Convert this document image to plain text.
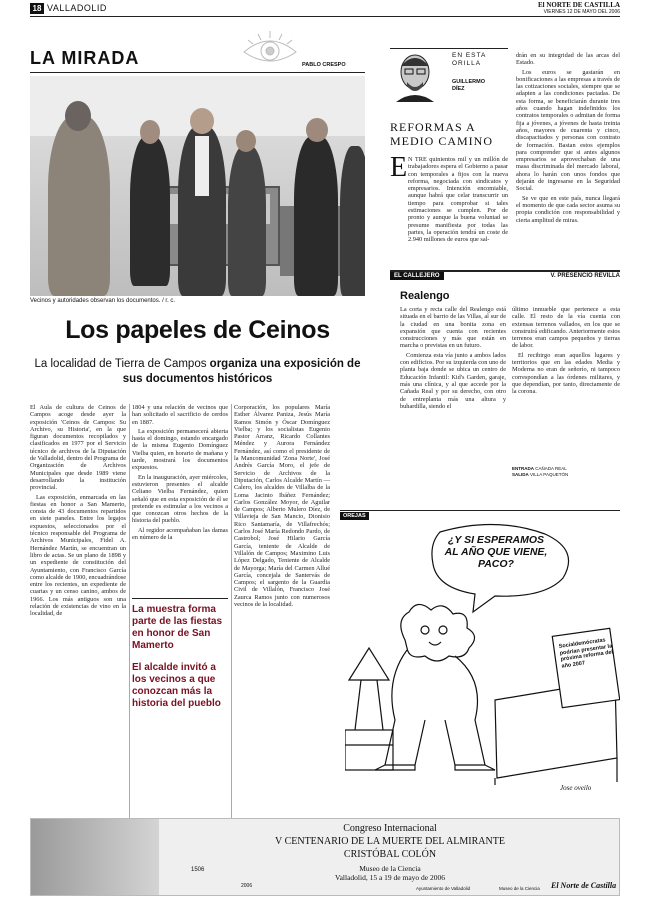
18 VALLADOLID	El NORTE DE CASTILLA
VIERNES 12 DE MAYO DEL 2006
LA MIRADA	PABLO CRESPO
Vecinos y autoridades observan los documentos. / r. c.
Los papeles de Ceinos
La localidad de Tierra de Campos organiza una exposición de sus documentos históricos

El Aula de cultura de Ceinos de Campos acoge desde ayer la exposición 'Ceinos de Campos: Su Archivo, su Historia', en la que figuran documentos recopilados y clasificados en 1977 por el Servicio técnico de archivos de la Diputación de Valladolid, dentro del Programa de Organización de Archivos Municipales que desde 1989 viene desarrollando la institución provincial.

Las exposición, enmarcada en las fiestas en honor a San Mamerto, consta de 43 documentos repartidos en siete paneles. Entre los legajos expuestos, seleccionados por el técnico responsable del Programa de Archivos Municipales, Fidel A. Hernández Martín, se encuentran un libro de actas. Se un plano de 1898 y un expediente de constitución del Ayuntamiento, con Francisco García como alcalde de 1900, encuadrándose entre los recientes, un expediente de cuartas y un censo canino, ambos de 1966. Los más antiguos son una relación de existencias de vino en la localidad, de

1804 y una relación de vecinos que han solicitado el sacrificio de cerdos en 1887.

La exposición permanecerá abierta hasta el domingo, estando encargado de la misma Eugenio Domínguez Vielba quien, en horario de mañana y tarde, mostrará los documentos expuestos.

En la inauguración, ayer miércoles, estuvieron presentes el alcalde Celiano Vielba Fernández, quien señaló que en esta exposición de él se pretende es estimular a los vecinos a que conozcan otros hechos de la historia del pueblo.

Al regidor acompañaban las damas en número de la

La muestra forma parte de las fiestas en honor de San Mamerto
El alcalde invitó a los vecinos a que conozcan más la historia del pueblo

Corporación, los populares María Esther Álvarez Paniza, Jesús María Ramos Simón y Óscar Domínguez Vielba; y los socialistas Eugenio Pastor Arranz, Ricardo Collantes Méndez y Aurora Fernández Fernández, así como el presidente de la Mancomunidad 'Zona Norte', José Andrés García Moro, el jefe de Servicio de Archivos de la Diputación, Carlos Alcalde Martín — Calero, los alcaldes de Villalba de la Loma Jacinto Ibáñez Fernández; Carlos González Moyor, de Aguilar de Campos; Alberto Mulero Díez, de Villavieja de San Mancio, Dionisio Rico Santamaría, de Villafrechós; Carlos José María Redondo Pardo, de Castrobol; José Hilario García García, teniente de Alcalde de Villalón de Campos; Maximino Luis López Delgado, Teniente de Alcalde de Mayorga; María del Carmen Allué García, concejala de Santervás de Campos; el sargento de la Guardia Civil de Villalón, Francisco José Zaurca Ramos junto con numerosos vecinos de la localidad.

EN ESTA
ORILLA
GUILLERMO
DÍEZ
REFORMAS A
MEDIO CAMINO
E N TRE quinientos mil y un millón de trabajadores espera el Gobierno a pasar con temporales a fijos con la nueva reforma, negociada con sindicatos y empresarios. Intención encomiable, aunque habrá que celar transcurrir un tiempo para comprobar si tales estimaciones se cumplen. Por de pronto y aunque la buena voluntad se presume manifiesta por todas las partes, la operación tendrá un coste de 2.940 millones de euros que sal-

drán en su integridad de las arcas del Estado.

Los euros se gastarán en bonificaciones a las empresas a través de las cotizaciones sociales, siempre que se adapten a las condiciones pactadas. De esta forma, se beneficiarán durante tres años cuando hagan indefinidos los contratos temporales o admitan de forma fija a jóvenes, a jóvenes de hasta treinta años, mayores de cuarenta y cinco, discapacitados y personas con contrato de formación. Bastan estos ejemplos para comprender que si antes algunos empresarios se aprovechaban de una masa discriminada del mercado laboral, ahora lo harán con unos fondos que dejarán de ingresarse en la Seguridad Social.

Se ve que en este país, nunca llegará el momento de que cada sector asuma su propia condición con responsabilidad y cierta amplitud de miras.

EL CALLEJERO	V. PRESENCIO REVILLA
Realengo

La corta y recta calle del Realengo está situada en el barrio de las Villas, al sur de la ciudad en una bonita zona en expansión que cuenta con recientes construcciones y más que están en marcha o previstas en un futuro.

Comienza esta vía junto a ambos lados con edificios. Por su izquierda con uno de planta baja donde se ubica un centro de Educación Infantil: Kid's Garden, garaje, más una clínica, y al que accede por la Cañada Real y por su derecho, con otro de entreplanta más una altura y buhardilla, siendo el

último inmueble que pertenece a esta calle. El resto de la vía cuenta con extensas terrenos vallados, en los que se construirá edificando. Anteriormente estos terrenos eran campos pequeños y tierras de labor.

El recibirgo eran aquellos lugares y territorios que en las edades Media y Moderna no eran de señorío, ni tampoco correspondían a las órdenes militares, y que dependían, por tanto, directamente de la corona.

ENTRADA CAÑADA REAL
SALIDA VILLA PAQUETÓN
OREJAS
¿Y SI ESPERAMOS AL AÑO QUE VIENE, PACO?
Socialdemócratas podrían presentar la próxima reforma del año 2007
Jose oveilo
Congreso Internacional
V CENTENARIO DE LA MUERTE DEL ALMIRANTE
CRISTÓBAL COLÓN
Museo de la Ciencia
Valladolid, 15 a 19 de mayo de 2006
1506
2006	Ayuntamiento de Valladolid	Museo de la Ciencia El Norte de Castilla
